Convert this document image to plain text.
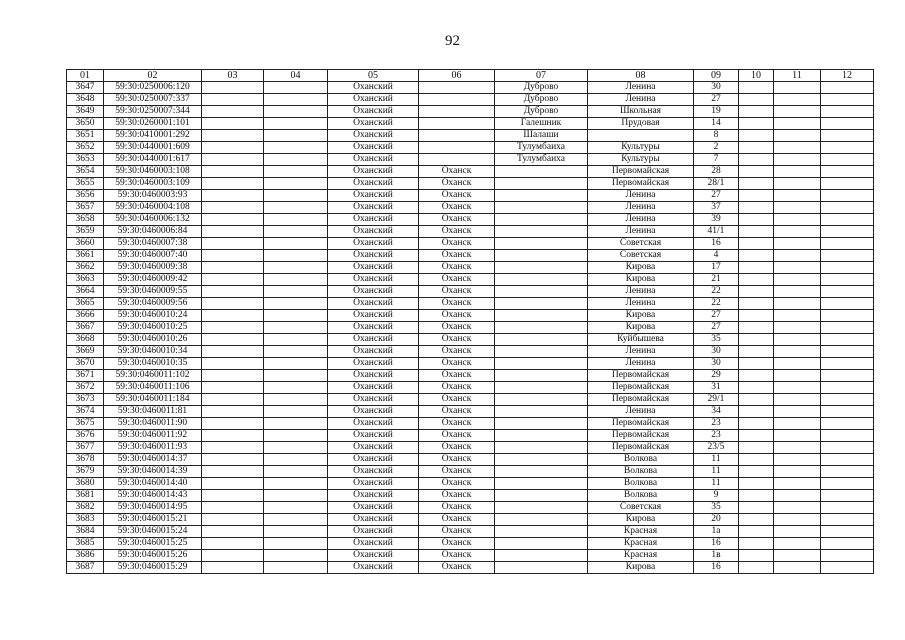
92
01	02	03	04	05	06	07	08	09	10	11	12
3647	59:30:0250006:120			Оханский		Дуброво	Ленина	30			
3648	59:30:0250007:337			Оханский		Дуброво	Ленина	27			
3649	59:30:0250007:344			Оханский		Дуброво	Школьная	19			
3650	59:30:0260001:101			Оханский		Галешник	Прудовая	14			
3651	59:30:0410001:292			Оханский		Шалаши		8			
3652	59:30:0440001:609			Оханский		Тулумбаиха	Культуры	2			
3653	59:30:0440001:617			Оханский		Тулумбаиха	Культуры	7			
3654	59:30:0460003:108			Оханский	Оханск		Первомайская	28			
3655	59:30:0460003:109			Оханский	Оханск		Первомайская	28/1			
3656	59:30:0460003:93			Оханский	Оханск		Ленина	27			
3657	59:30:0460004:108			Оханский	Оханск		Ленина	37			
3658	59:30:0460006:132			Оханский	Оханск		Ленина	39			
3659	59:30:0460006:84			Оханский	Оханск		Ленина	41/1			
3660	59:30:0460007:38			Оханский	Оханск		Советская	16			
3661	59:30:0460007:40			Оханский	Оханск		Советская	4			
3662	59:30:0460009:38			Оханский	Оханск		Кирова	17			
3663	59:30:0460009:42			Оханский	Оханск		Кирова	21			
3664	59:30:0460009:55			Оханский	Оханск		Ленина	22			
3665	59:30:0460009:56			Оханский	Оханск		Ленина	22			
3666	59:30:0460010:24			Оханский	Оханск		Кирова	27			
3667	59:30:0460010:25			Оханский	Оханск		Кирова	27			
3668	59:30:0460010:26			Оханский	Оханск		Куйбышева	35			
3669	59:30:0460010:34			Оханский	Оханск		Ленина	30			
3670	59:30:0460010:35			Оханский	Оханск		Ленина	30			
3671	59:30:0460011:102			Оханский	Оханск		Первомайская	29			
3672	59:30:0460011:106			Оханский	Оханск		Первомайская	31			
3673	59:30:0460011:184			Оханский	Оханск		Первомайская	29/1			
3674	59:30:0460011:81			Оханский	Оханск		Ленина	34			
3675	59:30:0460011:90			Оханский	Оханск		Первомайская	23			
3676	59:30:0460011:92			Оханский	Оханск		Первомайская	23			
3677	59:30:0460011:93			Оханский	Оханск		Первомайская	23/5			
3678	59:30:0460014:37			Оханский	Оханск		Волкова	11			
3679	59:30:0460014:39			Оханский	Оханск		Волкова	11			
3680	59:30:0460014:40			Оханский	Оханск		Волкова	11			
3681	59:30:0460014:43			Оханский	Оханск		Волкова	9			
3682	59:30:0460014:95			Оханский	Оханск		Советская	35			
3683	59:30:0460015:21			Оханский	Оханск		Кирова	20			
3684	59:30:0460015:24			Оханский	Оханск		Красная	1а			
3685	59:30:0460015:25			Оханский	Оханск		Красная	16			
3686	59:30:0460015:26			Оханский	Оханск		Красная	1в			
3687	59:30:0460015:29			Оханский	Оханск		Кирова	16			
